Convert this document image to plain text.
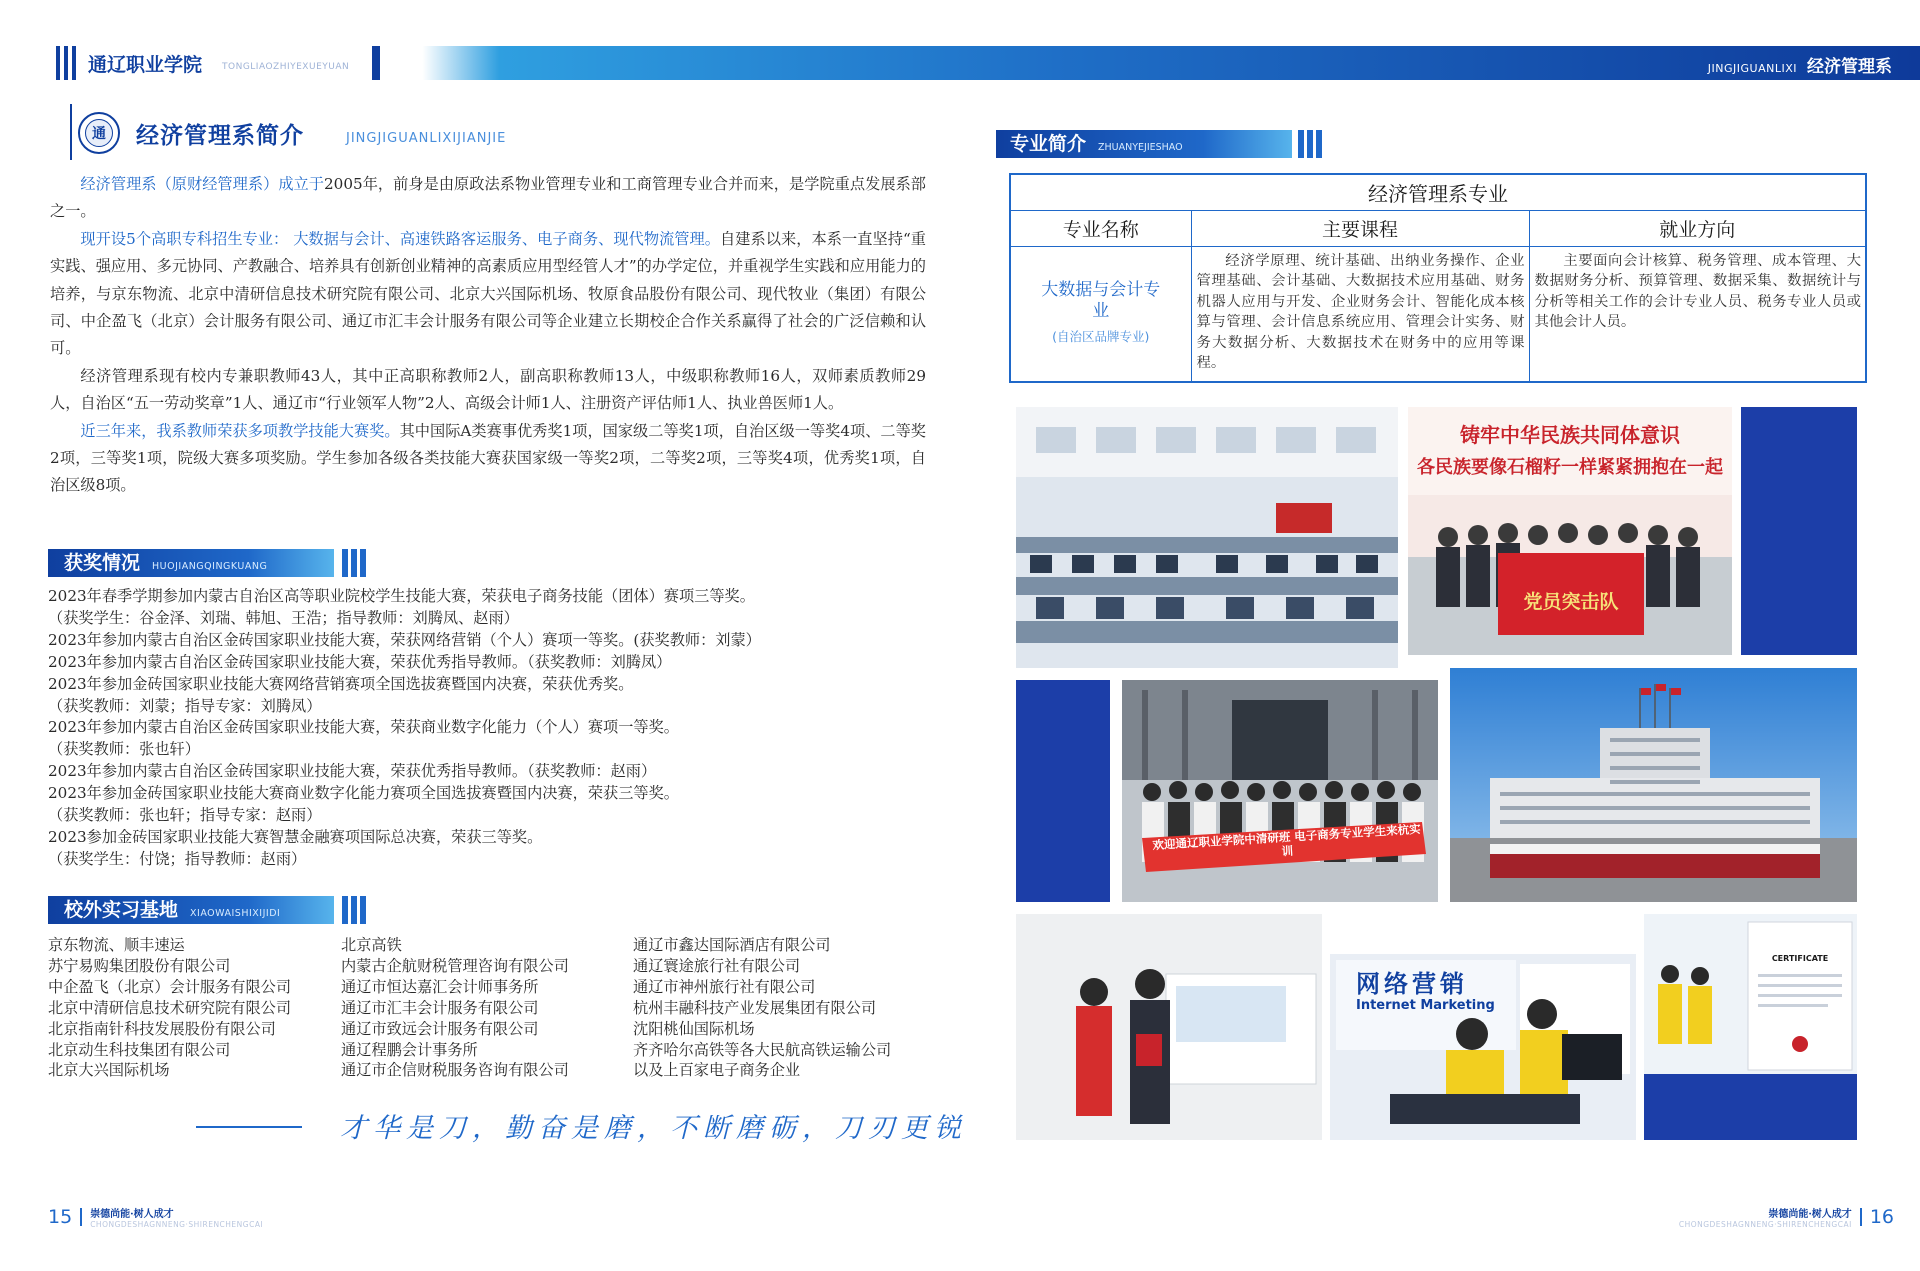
通辽职业学院 TONGLIAOZHIYEXUEYUAN	JINGJIGUANLIXI 经济管理系
通	经济管理系简介	JINGJIGUANLIXIJIANJIE

经济管理系（原财经管理系）成立于2005年，前身是由原政法系物业管理专业和工商管理专业合并而来，是学院重点发展系部之一。

现开设5个高职专科招生专业： 大数据与会计、高速铁路客运服务、电子商务、现代物流管理。自建系以来，本系一直坚持“重实践、强应用、多元协同、产教融合、培养具有创新创业精神的高素质应用型经管人才”的办学定位，并重视学生实践和应用能力的培养，与京东物流、北京中清研信息技术研究院有限公司、北京大兴国际机场、牧原食品股份有限公司、现代牧业（集团）有限公司、中企盈飞（北京）会计服务有限公司、通辽市汇丰会计服务有限公司等企业建立长期校企合作关系赢得了社会的广泛信赖和认可。

经济管理系现有校内专兼职教师43人，其中正高职称教师2人，副高职称教师13人，中级职称教师16人，双师素质教师29人，自治区“五一劳动奖章”1人、通辽市“行业领军人物”2人、高级会计师1人、注册资产评估师1人、执业兽医师1人。

近三年来，我系教师荣获多项教学技能大赛奖。其中国际A类赛事优秀奖1项，国家级二等奖1项，自治区级一等奖4项、二等奖2项，三等奖1项，院级大赛多项奖励。学生参加各级各类技能大赛获国家级一等奖2项，二等奖2项，三等奖4项，优秀奖1项，自治区级8项。

获奖情况 HUOJIANGQINGKUANG
2023年春季学期参加内蒙古自治区高等职业院校学生技能大赛，荣获电子商务技能（团体）赛项三等奖。
（获奖学生：谷金泽、刘瑞、韩旭、王浩；指导教师：刘腾凤、赵雨）
2023年参加内蒙古自治区金砖国家职业技能大赛，荣获网络营销（个人）赛项一等奖。(获奖教师：刘蒙）
2023年参加内蒙古自治区金砖国家职业技能大赛，荣获优秀指导教师。（获奖教师：刘腾凤）
2023年参加金砖国家职业技能大赛网络营销赛项全国选拔赛暨国内决赛，荣获优秀奖。
（获奖教师：刘蒙；指导专家：刘腾凤）
2023年参加内蒙古自治区金砖国家职业技能大赛，荣获商业数字化能力（个人）赛项一等奖。
（获奖教师：张也轩）
2023年参加内蒙古自治区金砖国家职业技能大赛，荣获优秀指导教师。（获奖教师：赵雨）
2023年参加金砖国家职业技能大赛商业数字化能力赛项全国选拔赛暨国内决赛，荣获三等奖。
（获奖教师：张也轩；指导专家：赵雨）
2023参加金砖国家职业技能大赛智慧金融赛项国际总决赛，荣获三等奖。
（获奖学生：付饶；指导教师：赵雨）
校外实习基地 XIAOWAISHIXIJIDI
京东物流、顺丰速运
苏宁易购集团股份有限公司
中企盈飞（北京）会计服务有限公司
北京中清研信息技术研究院有限公司
北京指南针科技发展股份有限公司
北京动生科技集团有限公司
北京大兴国际机场
北京高铁
内蒙古企航财税管理咨询有限公司
通辽市恒达嘉汇会计师事务所
通辽市汇丰会计服务有限公司
通辽市致远会计服务有限公司
通辽程鹏会计事务所
通辽市企信财税服务咨询有限公司
通辽市鑫达国际酒店有限公司
通辽寰途旅行社有限公司
通辽市神州旅行社有限公司
杭州丰融科技产业发展集团有限公司
沈阳桃仙国际机场
齐齐哈尔高铁等各大民航高铁运输公司
以及上百家电子商务企业
才华是刀，勤奋是磨，不断磨砺，刀刃更锐
15 崇德尚能·树人成才
CHONGDESHAGNNENG·SHIRENCHENGCAI
崇德尚能·树人成才
CHONGDESHAGNNENG·SHIRENCHENGCAI 16
专业简介 ZHUANYEJIESHAO
经济管理系专业		
专业名称	主要课程	就业方向
大数据与会计专业
(自治区品牌专业)	经济学原理、统计基础、出纳业务操作、企业管理基础、会计基础、大数据技术应用基础、财务机器人应用与开发、企业财务会计、智能化成本核算与管理、会计信息系统应用、管理会计实务、财务大数据分析、大数据技术在财务中的应用等课程。	主要面向会计核算、税务管理、成本管理、大数据财务分析、预算管理、数据采集、数据统计与分析等相关工作的会计专业人员、税务专业人员或其他会计人员。
铸牢中华民族共同体意识
各民族要像石榴籽一样紧紧拥抱在一起
党员突击队
欢迎通辽职业学院中清研班 电子商务专业学生来杭实训
网络营销
Internet Marketing
CERTIFICATE
